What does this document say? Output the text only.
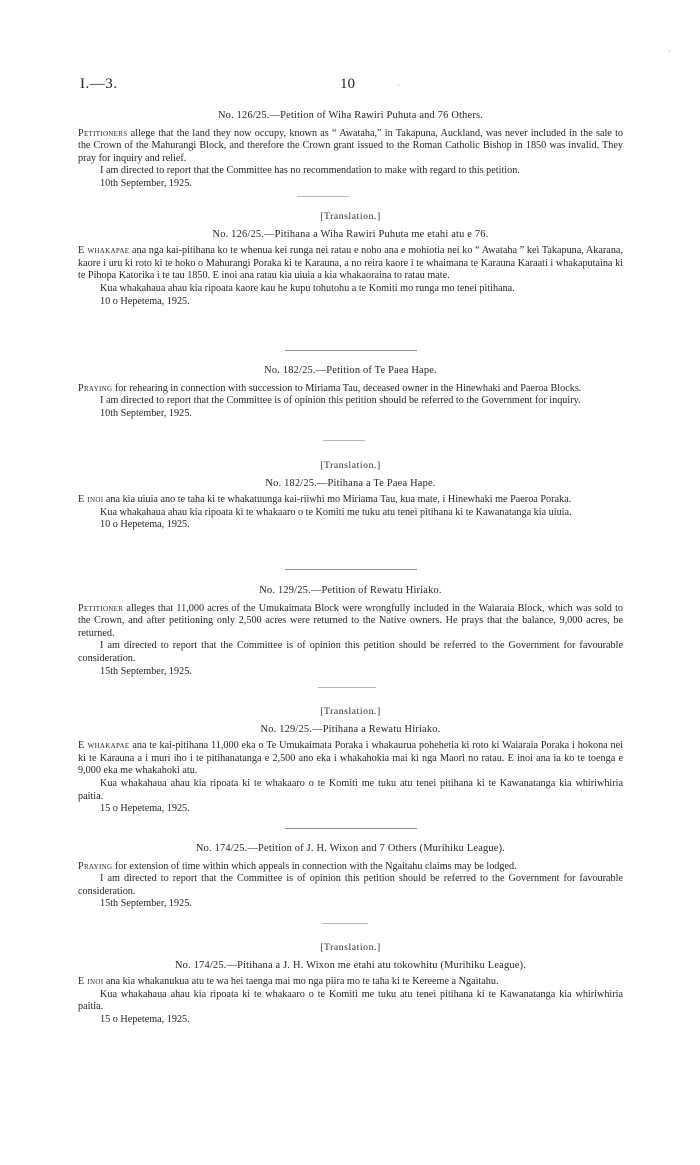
I.—3.	10	·
·
No. 126/25.—Petition of Wiha Rawiri Puhuta and 76 Others.
Petitioners allege that the land they now occupy, known as “ Awataha,” in Takapuna, Auckland, was never included in the sale to the Crown of the Mahurangi Block, and therefore the Crown grant issued to the Roman Catholic Bishop in 1850 was invalid. They pray for inquiry and relief.
I am directed to report that the Committee has no recommendation to make with regard to this petition.
10th September, 1925.
[Translation.]
No. 126/25.—Pitihana a Wiha Rawiri Puhuta me etahi atu e 76.
E whakapae ana nga kai-pitihana ko te whenua kei runga nei ratau e noho ana e mohiotia nei ko “ Awataha ” kei Takapuna, Akarana, kaore i uru ki roto ki te hoko o Mahurangi Poraka ki te Karauna, a no reira kaore i te whaimana te Karauna Karaati i whakaputaina ki te Pihopa Katorika i te tau 1850. E inoi ana ratau kia uiuia a kia whakaoraina to ratau mate.
Kua whakahaua ahau kia ripoata kaore kau he kupu tohutohu a te Komiti mo runga mo tenei pitihana.
10 o Hepetema, 1925.
No. 182/25.—Petition of Te Paea Hape.
Praying for rehearing in connection with succession to Miriama Tau, deceased owner in the Hinewhaki and Paeroa Blocks.
I am directed to report that the Committee is of opinion this petition should be referred to the Government for inquiry.
10th September, 1925.
[Translation.]
No. 182/25.—Pitihana a Te Paea Hape.
E inoi ana kia uiuia ano te taha ki te whakatuunga kai-riiwhi mo Miriama Tau, kua mate, i Hinewhaki me Paeroa Poraka.
Kua whakahaua ahau kia ripoata ki te whakaaro o te Komiti me tuku atu tenei pitihana ki te Kawanatanga kia uiuia.
10 o Hepetema, 1925.
No. 129/25.—Petition of Rewatu Hiriako.
Petitioner alleges that 11,000 acres of the Umukaimata Block were wrongfully included in the Waiaraia Block, which was sold to the Crown, and after petitioning only 2,500 acres were returned to the Native owners. He prays that the balance, 9,000 acres, be returned.
I am directed to report that the Committee is of opinion this petition should be referred to the Government for favourable consideration.
15th September, 1925.
[Translation.]
No. 129/25.—Pitihana a Rewatu Hiriako.
E whakapae ana te kai-pitihana 11,000 eka o Te Umukaimata Poraka i whakaurua pohehetia ki roto ki Waiaraia Poraka i hokona nei ki te Karauna a i muri iho i te pitihanatanga e 2,500 ano eka i whakahokia mai ki nga Maori no ratau. E inoi ana ia ko te toenga e 9,000 eka me whakahoki atu.
Kua whakahaua ahau kia ripoata ki te whakaaro o te Komiti me tuku atu tenei pitihana ki te Kawanatanga kia whiriwhiria paitia.
15 o Hepetema, 1925.
No. 174/25.—Petition of J. H. Wixon and 7 Others (Murihiku League).
Praying for extension of time within which appeals in connection with the Ngaitahu claims may be lodged.
I am directed to report that the Committee is of opinion this petition should be referred to the Government for favourable consideration.
15th September, 1925.
[Translation.]
No. 174/25.—Pitihana a J. H. Wixon me etahi atu tokowhitu (Murihiku League).
E inoi ana kia whakanukua atu te wa hei taenga mai mo nga piira mo te taha ki te Kereeme a Ngaitahu.
Kua whakahaua ahau kia ripoata ki te whakaaro o te Komiti me tuku atu tenei pitihana ki te Kawanatanga kia whiriwhiria paitia.
15 o Hepetema, 1925.
